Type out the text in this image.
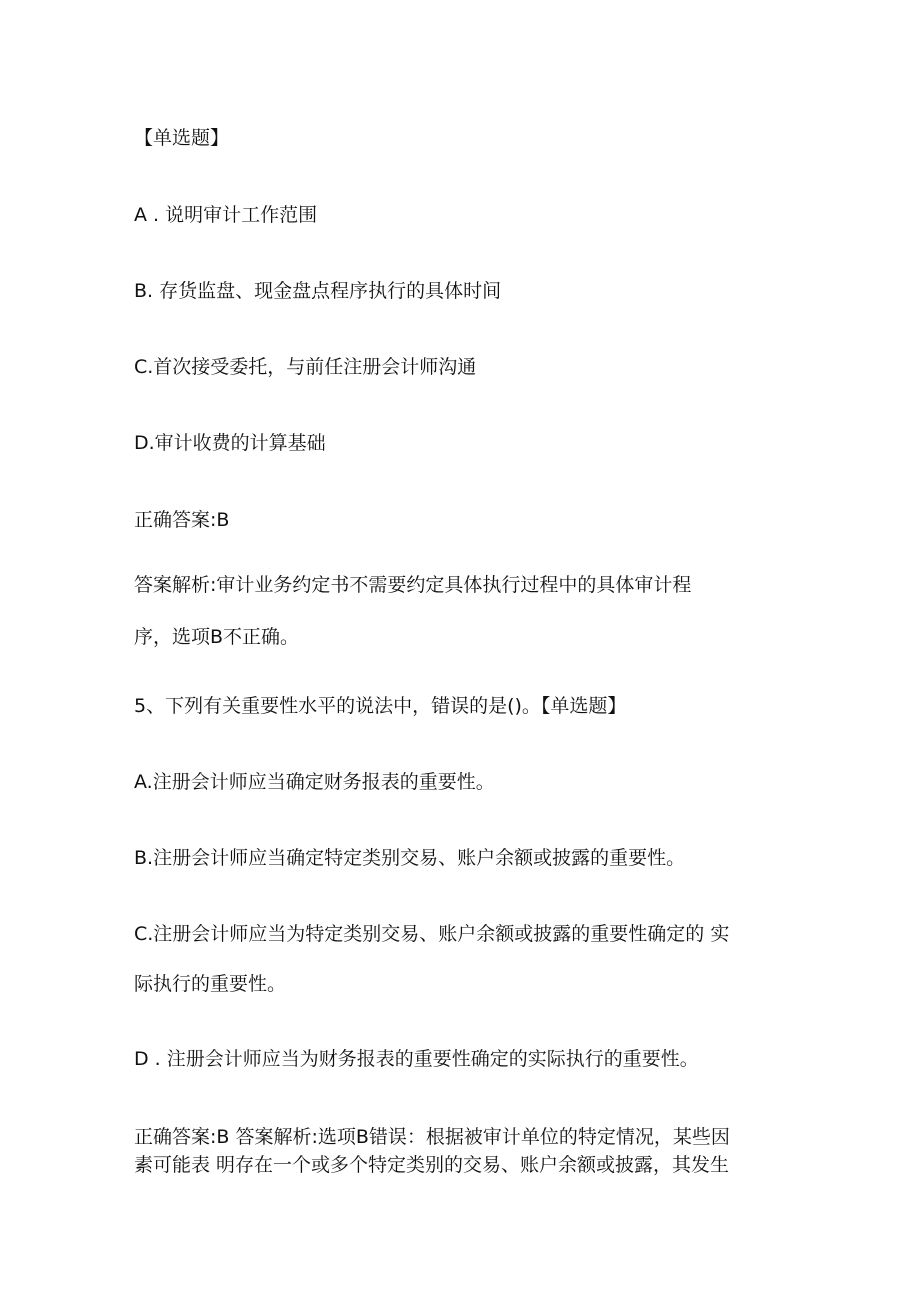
【单选题】
A . 说明审计工作范围
B. 存货监盘、现金盘点程序执行的具体时间
C.首次接受委托，与前任注册会计师沟通
D.审计收费的计算基础
正确答案:B
答案解析:审计业务约定书不需要约定具体执行过程中的具体审计程
序，选项B不正确。
5、下列有关重要性水平的说法中，错误的是()。【单选题】
A.注册会计师应当确定财务报表的重要性。
B.注册会计师应当确定特定类别交易、账户余额或披露的重要性。
C.注册会计师应当为特定类别交易、账户余额或披露的重要性确定的 实
际执行的重要性。
D . 注册会计师应当为财务报表的重要性确定的实际执行的重要性。
正确答案:B 答案解析:选项B错误：根据被审计单位的特定情况，某些因
素可能表 明存在一个或多个特定类别的交易、账户余额或披露，其发生
